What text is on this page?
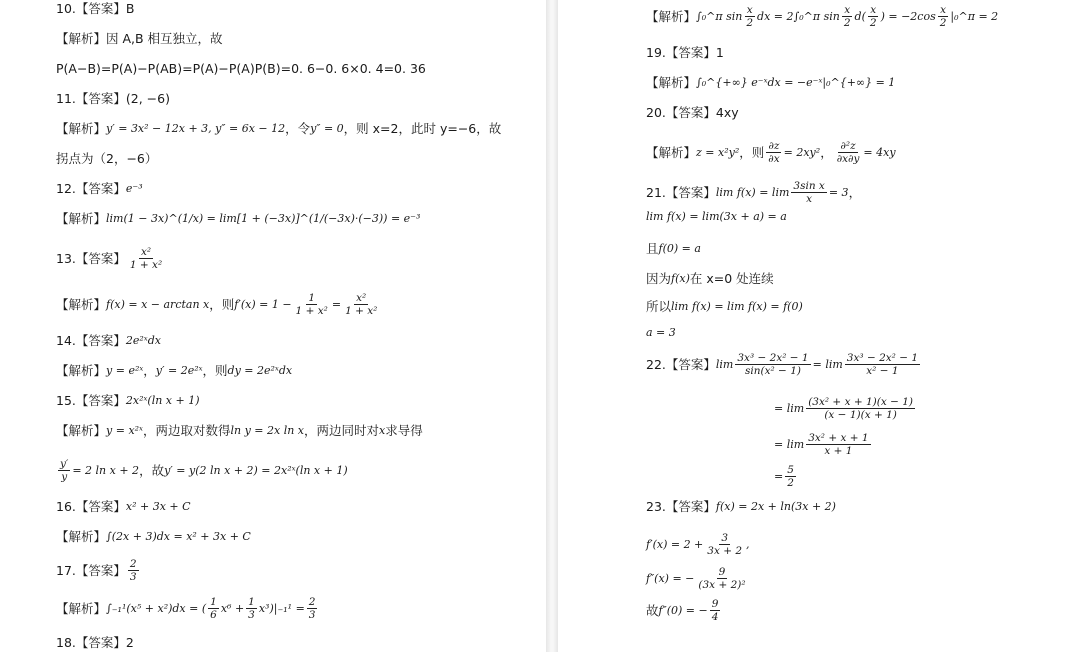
10.【答案】B
【解析】因 A,B 相互独立，故
P(A−B)=P(A)−P(AB)=P(A)−P(A)P(B)=0. 6−0. 6×0. 4=0. 36
11.【答案】(2, −6)
【解析】 y′ = 3x² − 12x + 3, y″ = 6x − 12 ，令 y″ = 0 ，则 x=2，此时 y=−6，故
拐点为（2，−6）
12.【答案】 e⁻³
【解析】 lim(1 − 3x)^(1/x) = lim[1 + (−3x)]^(1/(−3x)·(−3)) = e⁻³
13.【答案】 $\frac{\text{x²}}{\text{1 + x²}}$
【解析】 f(x) = x − arctan x ，则 $f'(x) = 1 - \frac{1}{\text{1 + x²}} = \frac{\text{x²}}{\text{1 + x²}}$
14.【答案】 2e²ˣdx
【解析】 y = e²ˣ ， y′ = 2e²ˣ ，则 dy = 2e²ˣdx
15.【答案】 2x²ˣ(ln x + 1)
【解析】 y = x²ˣ ，两边取对数得 ln y = 2x ln x ，两边同时对 x 求导得
$\frac{y'}{y} = 2$ ln x + 2 ，故 y′ = y(2 ln x + 2) = 2x²ˣ(ln x + 1)
16.【答案】 x² + 3x + C
【解析】 ∫(2x + 3)dx = x² + 3x + C
17.【答案】 $\frac{2}{3}$
【解析】 ∫₋₁¹(x⁵ + x²)dx = ( $\frac{1}{6} x^6 + \frac{1}{3} x^3)|_{-1}^1 = \frac{2}{3}$
18.【答案】2
【解析】 ∫₀^π $\sin \frac{x}{2}$ dx = 2∫₀^π $\sin \frac{x}{2} d( \frac{x}{2}$ ) = $-2\cos \frac{x}{2}$ |₀^π = 2
19.【答案】1
【解析】 ∫₀^{+∞} e⁻ˣdx = −e⁻ˣ|₀^{+∞} = 1
20.【答案】4xy
【解析】 z = x²y² ，则 $\frac{\partial z}{\partial x} = 2xy^2$ ， $\frac{\text{∂²z}}{\partial x\partial y} = 4xy$
21.【答案】 $\lim f(x) = \lim \frac{\text{3sin x}}{x} = 3$ ，
lim f(x) = lim(3x + a) = a
且 f(0) = a
因为 f(x) 在 x=0 处连续
所以 lim f(x) = lim f(x) = f(0)
a = 3
22.【答案】 $\lim \frac{\text{3x³ − 2x² − 1}}{\text{sin(x² − 1)}} = \lim \frac{\text{3x³ − 2x² − 1}}{\text{x² − 1}}$
= $\lim \frac{\text{(3x² + x + 1)(x − 1)}}{(x - 1)(x + 1)}$
= $\lim \frac{\text{3x² + x + 1}}{x + 1}$
= $\frac{5}{2}$
23.【答案】 f(x) = 2x + ln(3x + 2)
$f'(x) = 2 + \frac{3}{3x + 2}$ ,
f″(x) = − $\frac{9}{\text{(3x + 2)²}}$
故 f″(0) = − $\frac{9}{4}$
